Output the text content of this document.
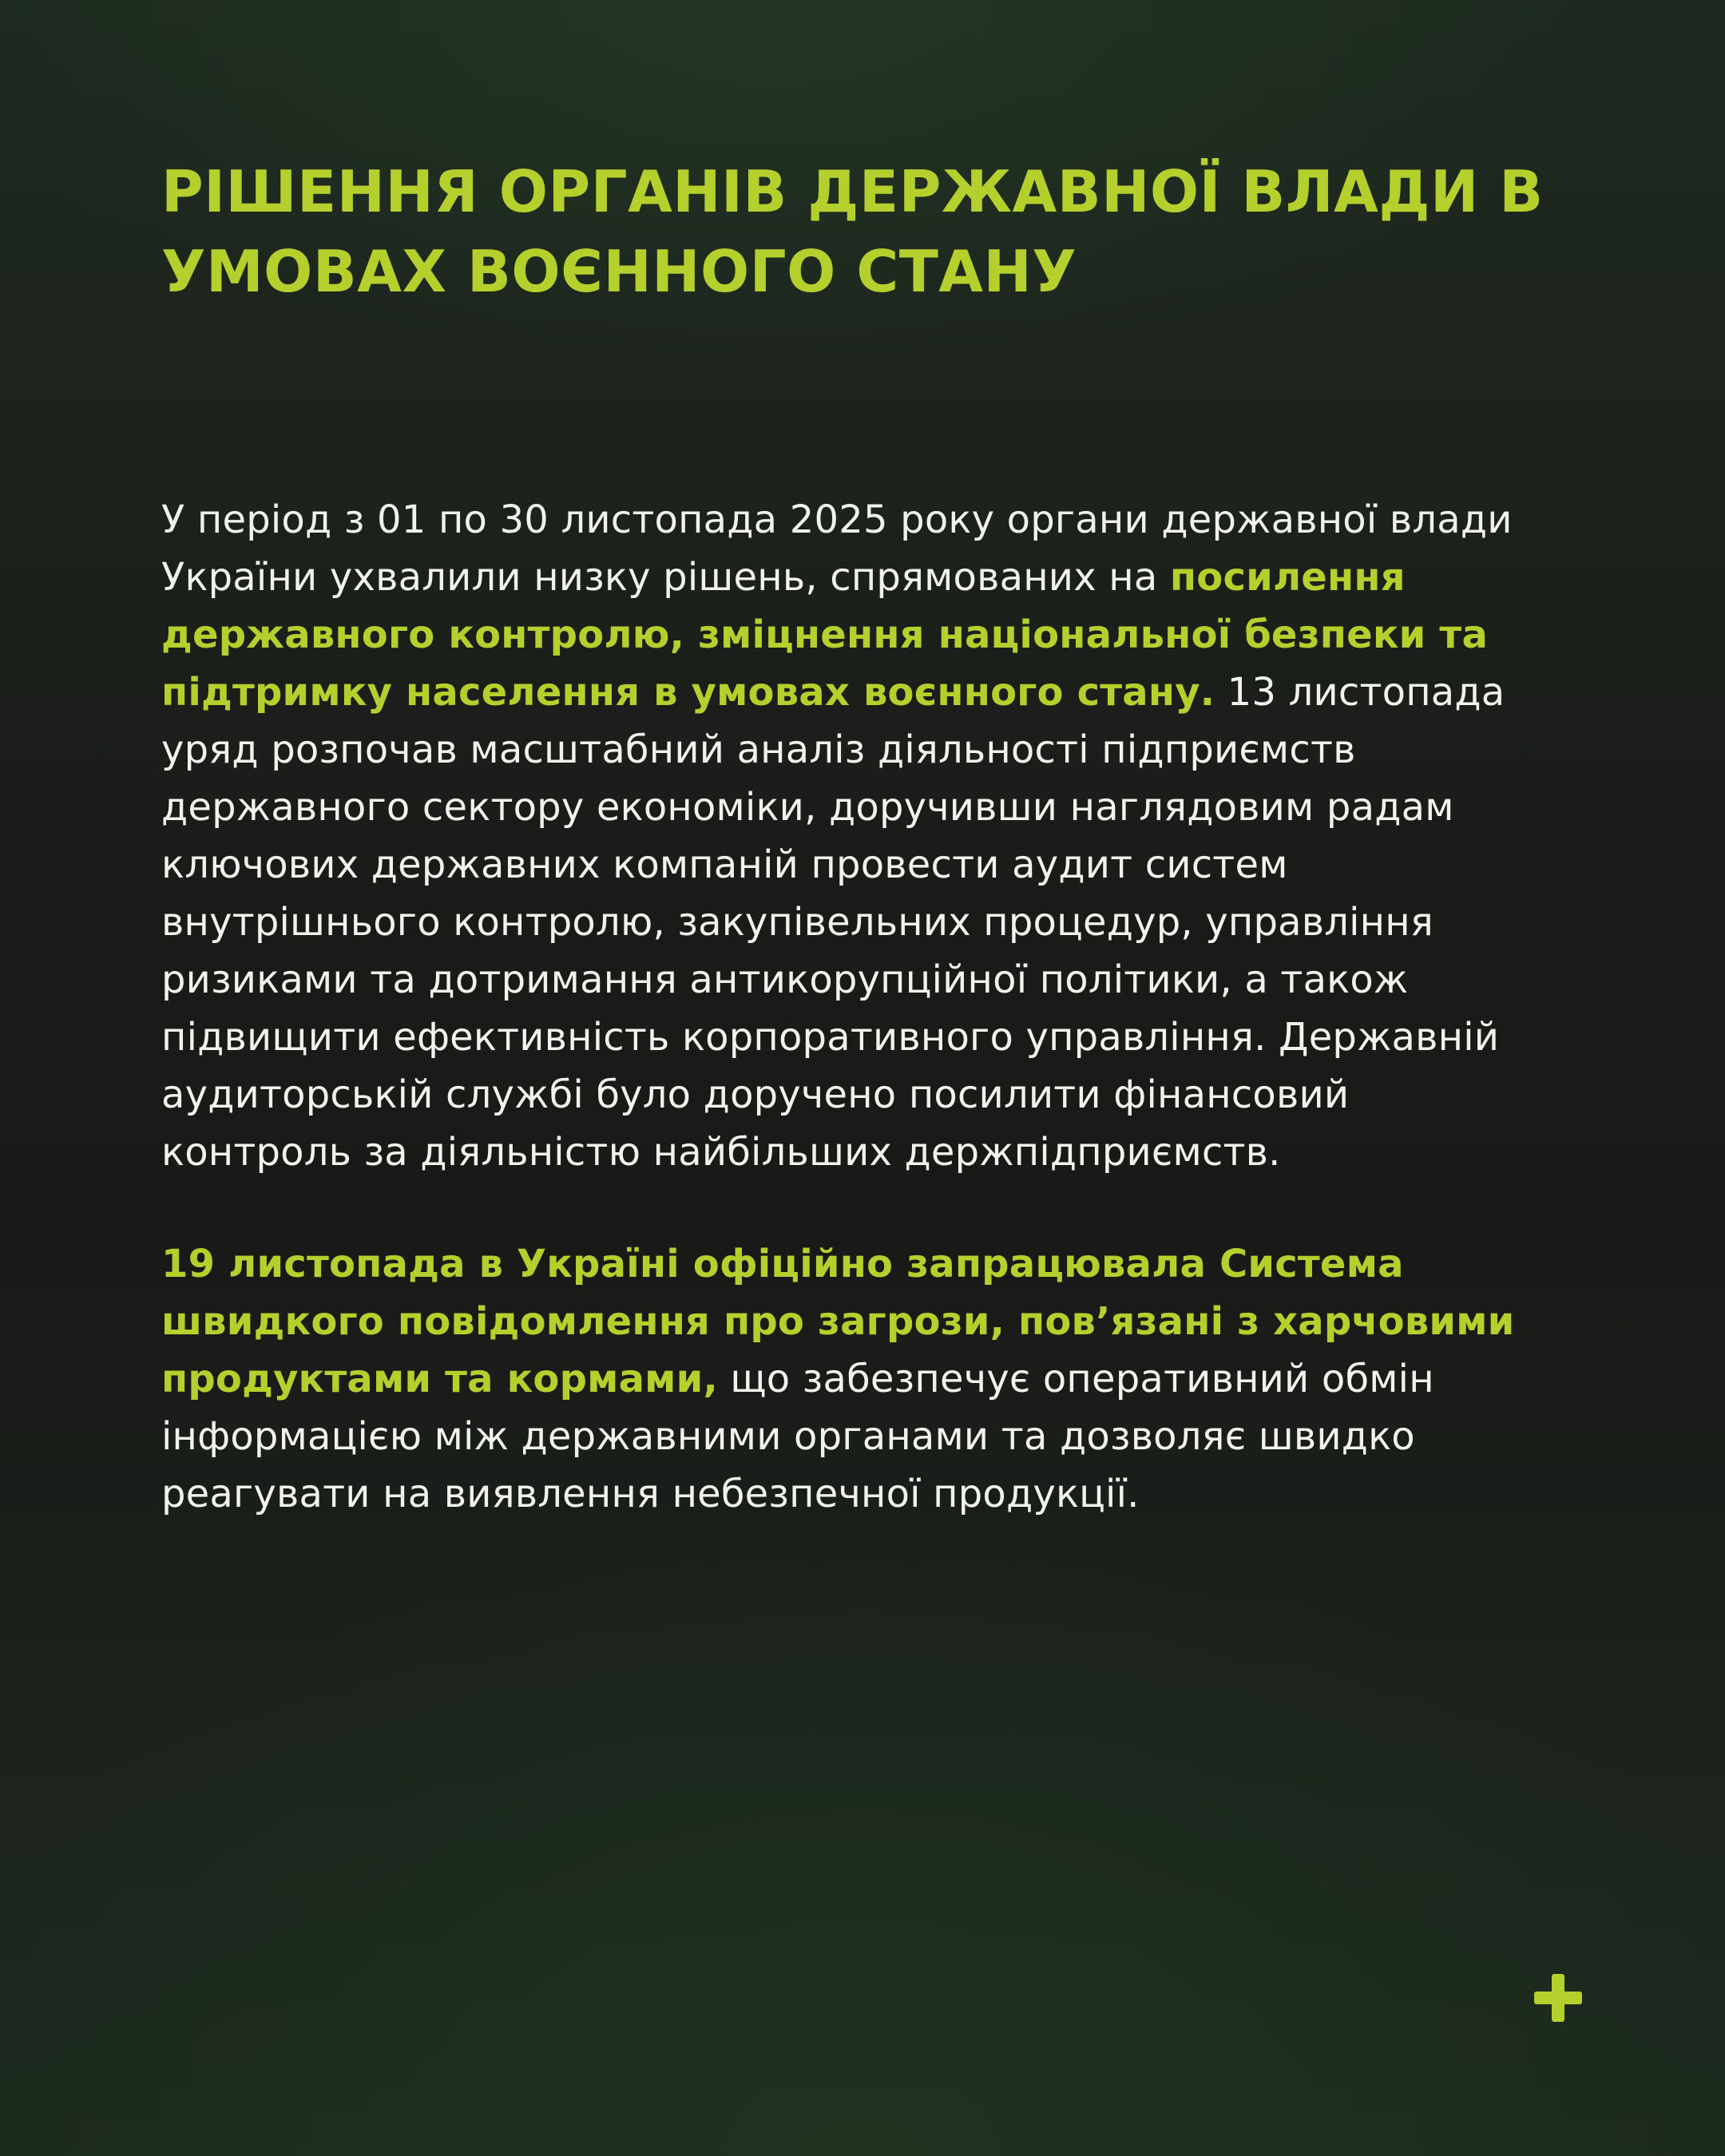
РІШЕННЯ ОРГАНІВ ДЕРЖАВНОЇ ВЛАДИ В УМОВАХ ВОЄННОГО СТАНУ

У період з 01 по 30 листопада 2025 року органи державної влади України ухвалили низку рішень, спрямованих на посилення державного контролю, зміцнення національної безпеки та підтримку населення в умовах воєнного стану. 13 листопада уряд розпочав масштабний аналіз діяльності підприємств державного сектору економіки, доручивши наглядовим радам ключових державних компаній провести аудит систем внутрішнього контролю, закупівельних процедур, управління ризиками та дотримання антикорупційної політики, а також підвищити ефективність корпоративного управління. Державній аудиторській службі було доручено посилити фінансовий контроль за діяльністю найбільших держпідприємств.

19 листопада в Україні офіційно запрацювала Система швидкого повідомлення про загрози, пов’язані з харчовими продуктами та кормами, що забезпечує оперативний обмін інформацією між державними органами та дозволяє швидко реагувати на виявлення небезпечної продукції.
